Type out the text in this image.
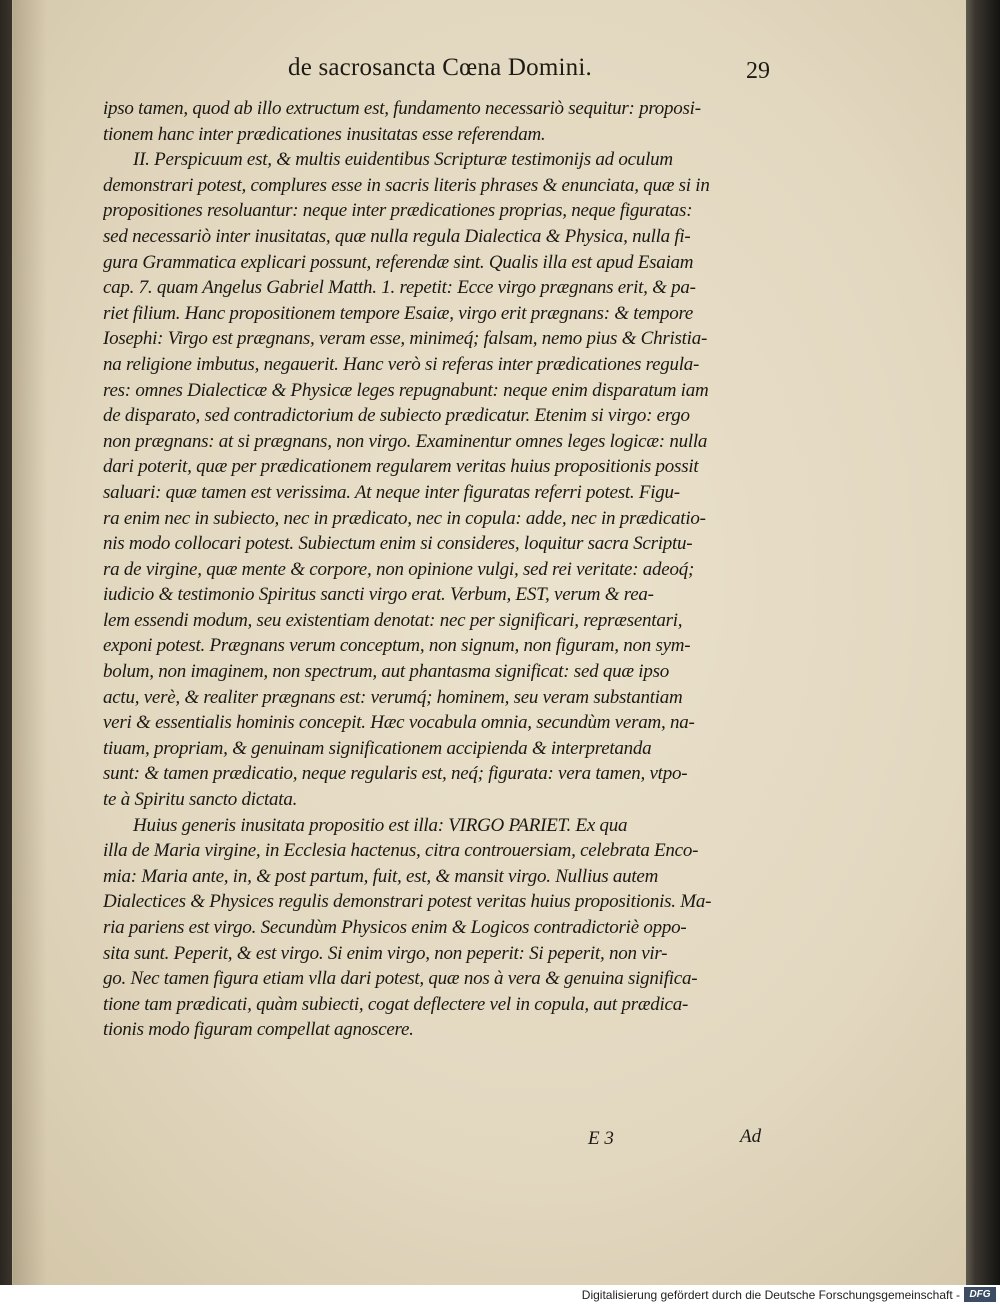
de sacrosancta Cœna Domini.	29
ipso tamen, quod ab illo extructum est, fundamento necessariò sequitur: proposi-
tionem hanc inter prædicationes inusitatas esse referendam.
II. Perspicuum est, & multis euidentibus Scripturæ testimonijs ad oculum
demonstrari potest, complures esse in sacris literis phrases & enunciata, quæ si in
propositiones resoluantur: neque inter prædicationes proprias, neque figuratas:
sed necessariò inter inusitatas, quæ nulla regula Dialectica & Physica, nulla fi-
gura Grammatica explicari possunt, referendæ sint. Qualis illa est apud Esaiam
cap. 7. quam Angelus Gabriel Matth. 1. repetit: Ecce virgo prægnans erit, & pa-
riet filium. Hanc propositionem tempore Esaiæ, virgo erit prægnans: & tempore
Iosephi: Virgo est prægnans, veram esse, minimeq́; falsam, nemo pius & Christia-
na religione imbutus, negauerit. Hanc verò si referas inter prædicationes regula-
res: omnes Dialecticæ & Physicæ leges repugnabunt: neque enim disparatum iam
de disparato, sed contradictorium de subiecto prædicatur. Etenim si virgo: ergo
non prægnans: at si prægnans, non virgo. Examinentur omnes leges logicæ: nulla
dari poterit, quæ per prædicationem regularem veritas huius propositionis possit
saluari: quæ tamen est verissima. At neque inter figuratas referri potest. Figu-
ra enim nec in subiecto, nec in prædicato, nec in copula: adde, nec in prædicatio-
nis modo collocari potest. Subiectum enim si consideres, loquitur sacra Scriptu-
ra de virgine, quæ mente & corpore, non opinione vulgi, sed rei veritate: adeoq́;
iudicio & testimonio Spiritus sancti virgo erat. Verbum, EST, verum & rea-
lem essendi modum, seu existentiam denotat: nec per significari, repræsentari,
exponi potest. Prægnans verum conceptum, non signum, non figuram, non sym-
bolum, non imaginem, non spectrum, aut phantasma significat: sed quæ ipso
actu, verè, & realiter prægnans est: verumq́; hominem, seu veram substantiam
veri & essentialis hominis concepit. Hæc vocabula omnia, secundùm veram, na-
tiuam, propriam, & genuinam significationem accipienda & interpretanda
sunt: & tamen prædicatio, neque regularis est, neq́; figurata: vera tamen, vtpo-
te à Spiritu sancto dictata.
Huius generis inusitata propositio est illa: VIRGO PARIET. Ex qua
illa de Maria virgine, in Ecclesia hactenus, citra controuersiam, celebrata Enco-
mia: Maria ante, in, & post partum, fuit, est, & mansit virgo. Nullius autem
Dialectices & Physices regulis demonstrari potest veritas huius propositionis. Ma-
ria pariens est virgo. Secundùm Physicos enim & Logicos contradictoriè oppo-
sita sunt. Peperit, & est virgo. Si enim virgo, non peperit: Si peperit, non vir-
go. Nec tamen figura etiam vlla dari potest, quæ nos à vera & genuina significa-
tione tam prædicati, quàm subiecti, cogat deflectere vel in copula, aut prædica-
tionis modo figuram compellat agnoscere.
E 3	Ad
Digitalisierung gefördert durch die Deutsche Forschungsgemeinschaft - DFG
